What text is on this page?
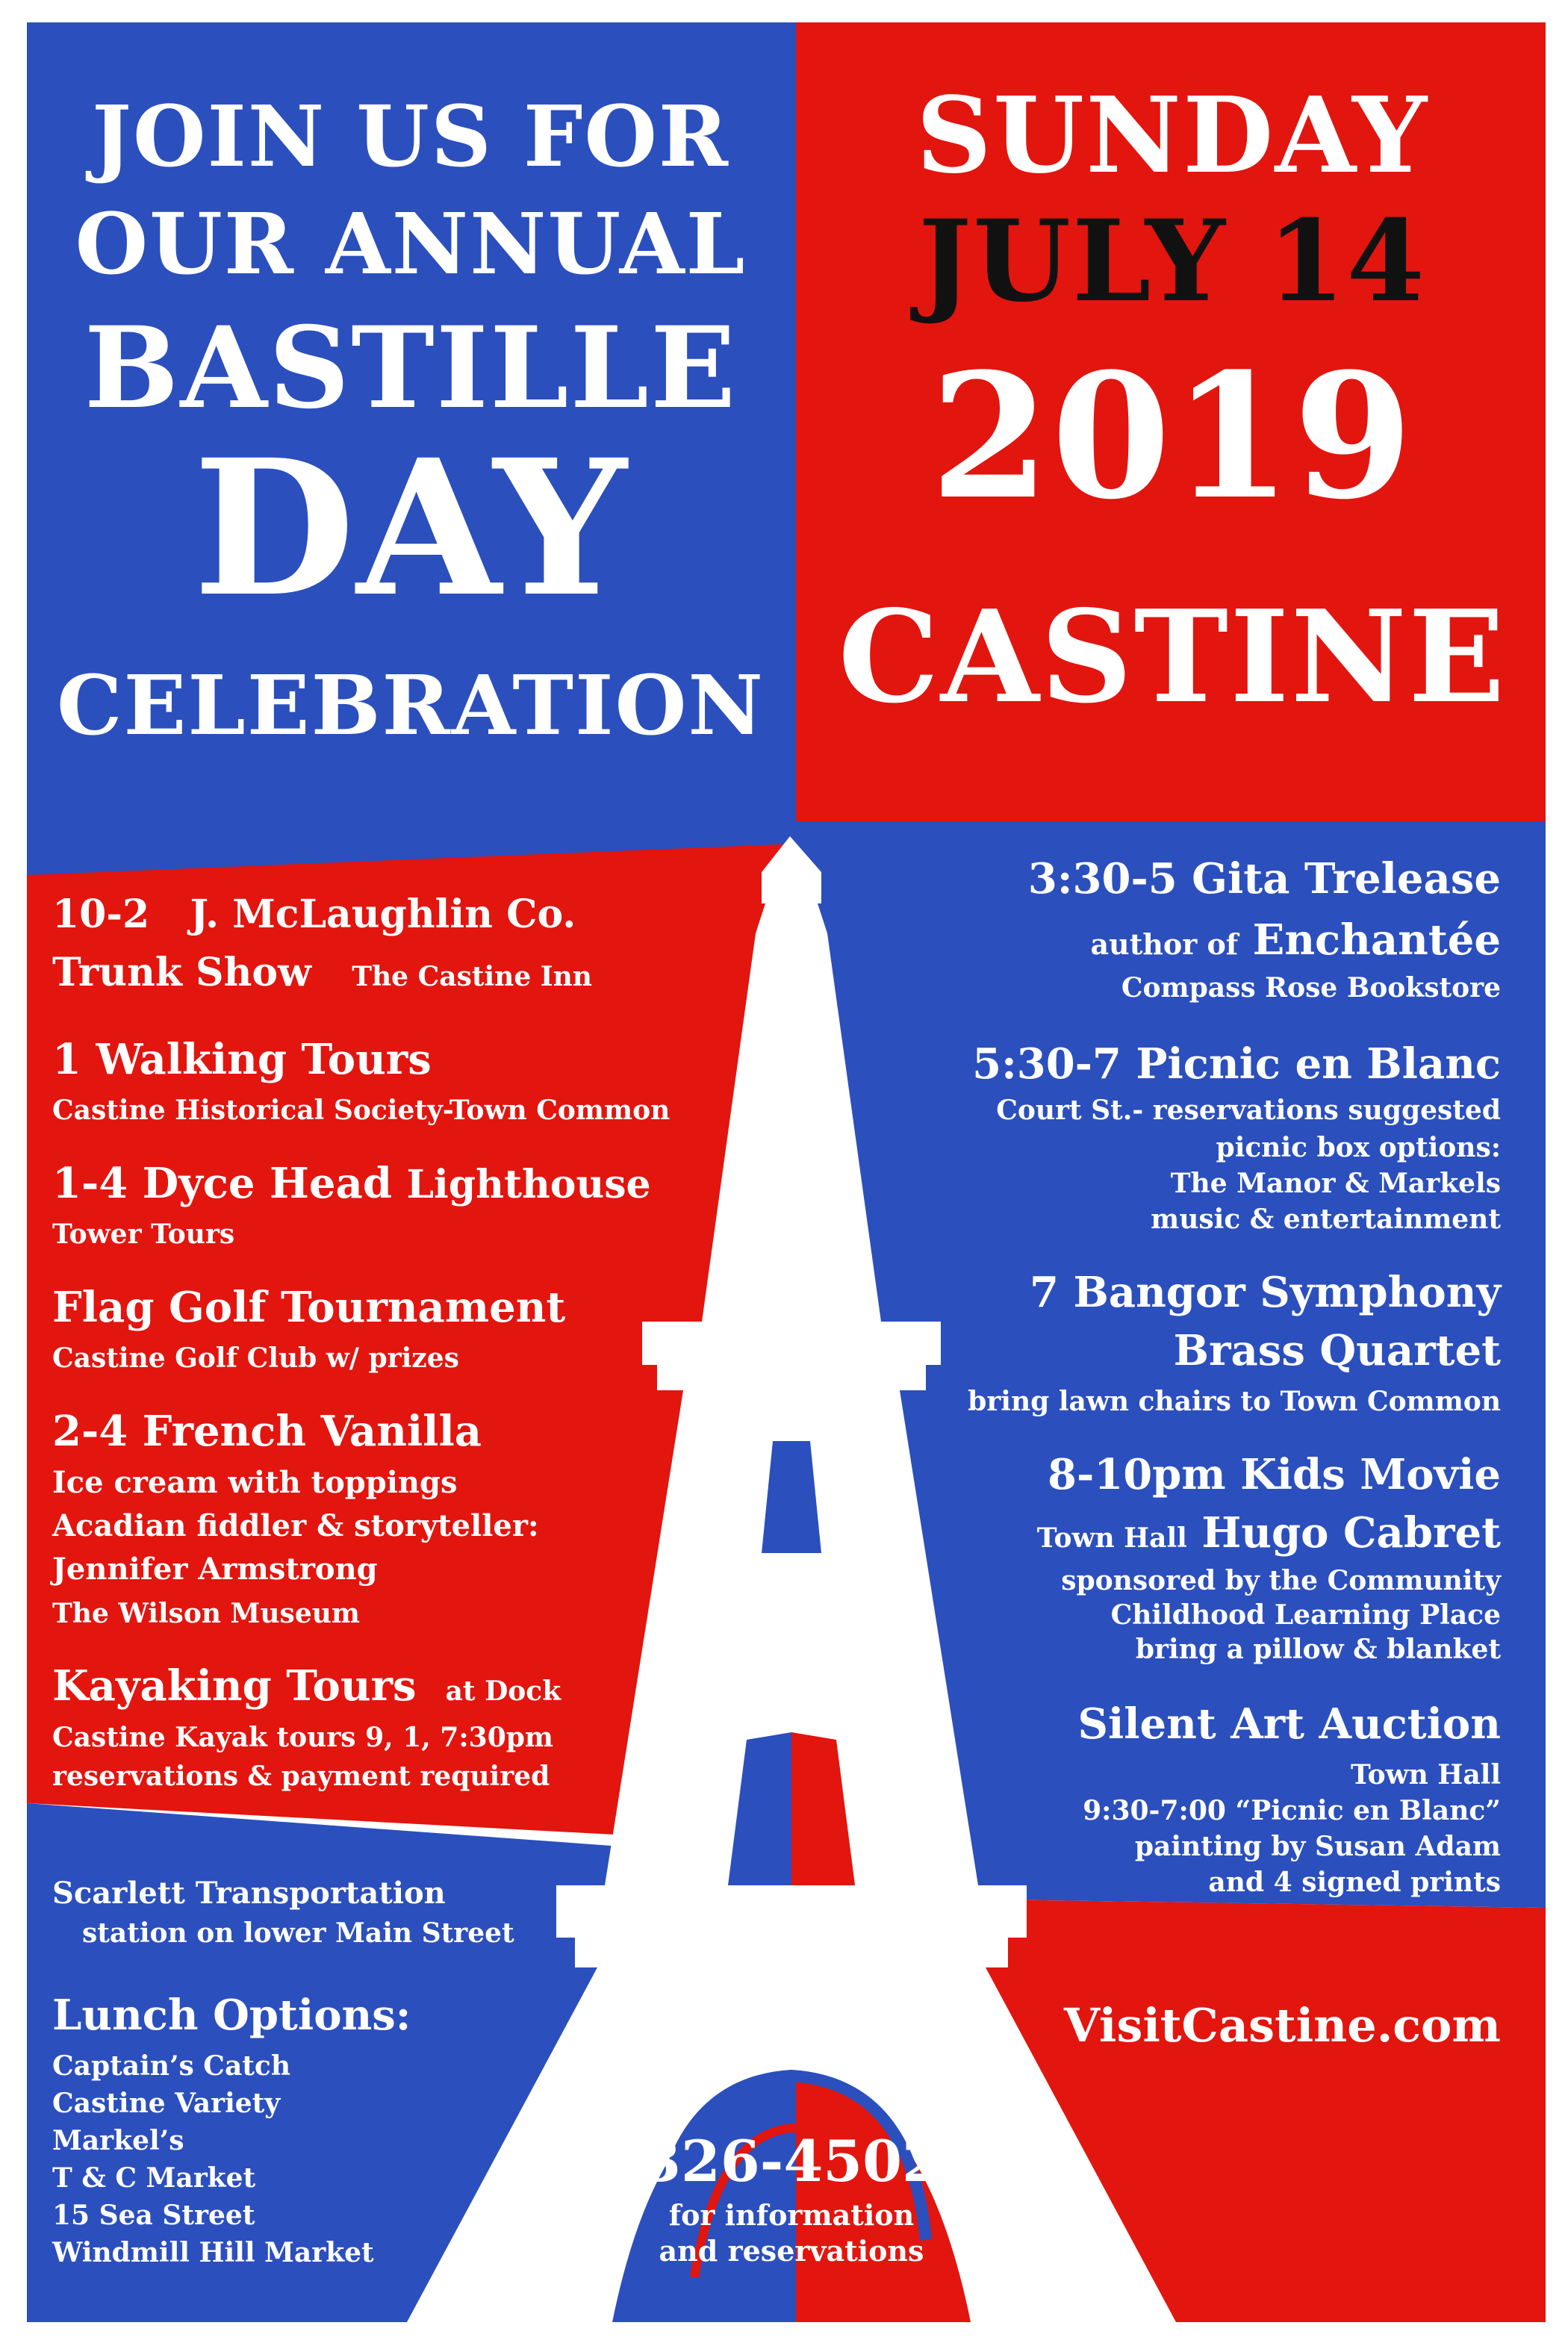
JOIN US FOR
OUR ANNUAL
BASTILLE
DAY
CELEBRATION
SUNDAY
JULY 14
2019
CASTINE
10-2 J. McLaughlin Co.
Trunk Show The Castine Inn
1 Walking Tours
Castine Historical Society-Town Common
1-4 Dyce Head Lighthouse
Tower Tours
Flag Golf Tournament
Castine Golf Club w/ prizes
2-4 French Vanilla
Ice cream with toppings
Acadian fiddler & storyteller:
Jennifer Armstrong
The Wilson Museum
Kayaking Tours at Dock
Castine Kayak tours 9, 1, 7:30pm
reservations & payment required
Scarlett Transportation
station on lower Main Street
Lunch Options:
Captain’s Catch
Castine Variety
Markel’s
T & C Market
15 Sea Street
Windmill Hill Market
3:30-5 Gita Trelease
author of Enchantée
Compass Rose Bookstore
5:30-7 Picnic en Blanc
Court St.- reservations suggested
picnic box options:
The Manor & Markels
music & entertainment
7 Bangor Symphony
Brass Quartet
bring lawn chairs to Town Common
8-10pm Kids Movie
Town Hall Hugo Cabret
sponsored by the Community
Childhood Learning Place
bring a pillow & blanket
Silent Art Auction
Town Hall
9:30-7:00 “Picnic en Blanc”
painting by Susan Adam
and 4 signed prints
VisitCastine.com
326-4502
for information
and reservations
